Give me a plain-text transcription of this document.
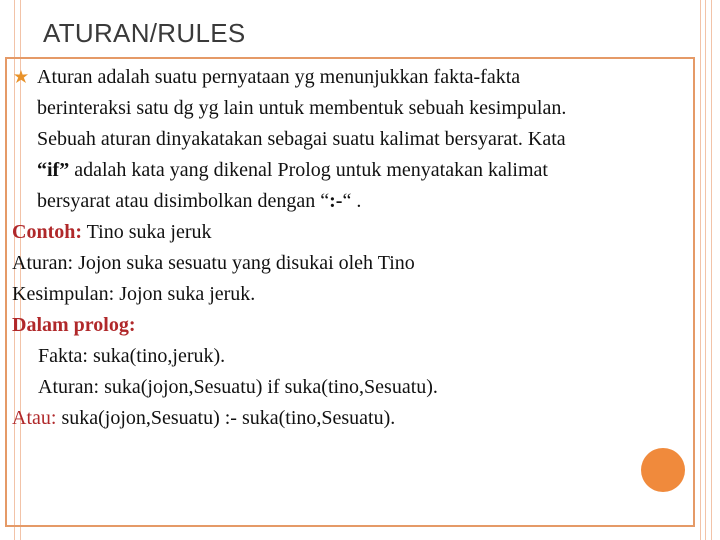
ATURAN/RULES
Aturan adalah suatu pernyataan yg menunjukkan fakta-fakta
berinteraksi satu dg yg lain untuk membentuk sebuah kesimpulan.
Sebuah aturan dinyakatakan sebagai suatu kalimat bersyarat. Kata
“if” adalah kata yang dikenal Prolog untuk menyatakan kalimat
bersyarat atau disimbolkan dengan “:-“ .
Contoh: Tino suka jeruk
Aturan: Jojon suka sesuatu yang disukai oleh Tino
Kesimpulan: Jojon suka jeruk.
Dalam prolog:
Fakta: suka(tino,jeruk).
Aturan: suka(jojon,Sesuatu) if suka(tino,Sesuatu).
Atau: suka(jojon,Sesuatu) :- suka(tino,Sesuatu).
